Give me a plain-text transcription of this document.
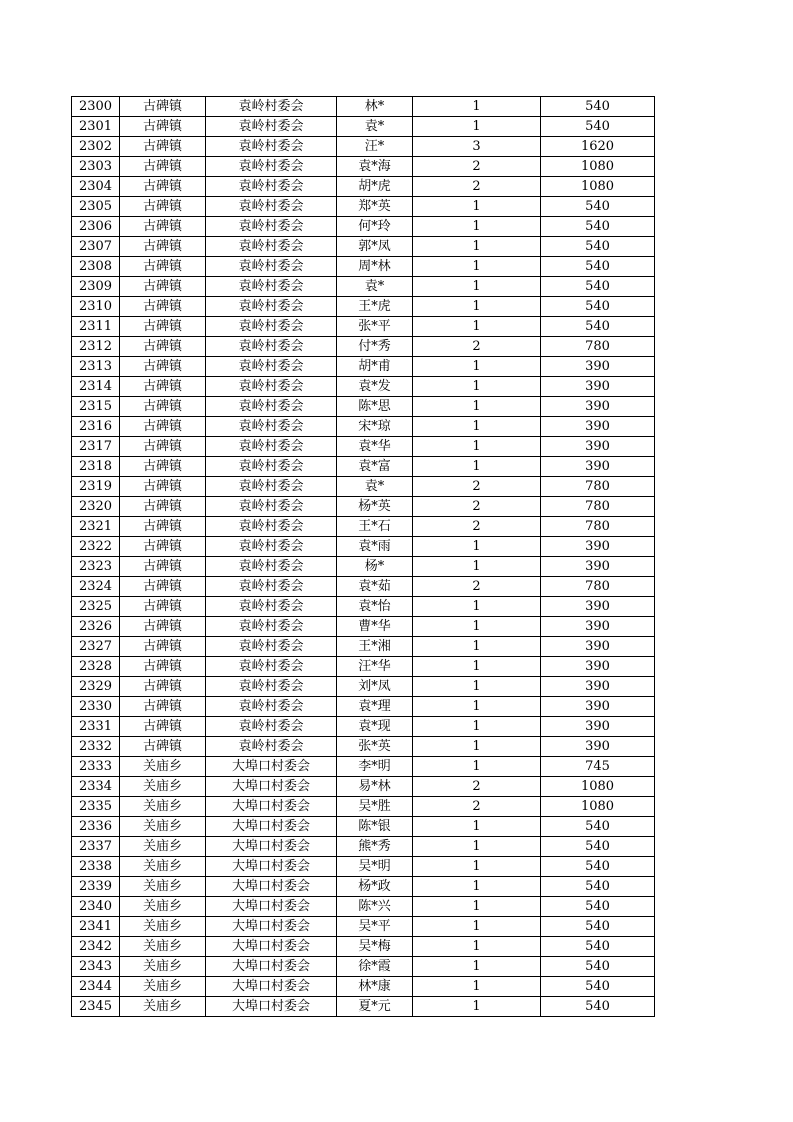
2300	古碑镇	袁岭村委会	林*	1	540
2301	古碑镇	袁岭村委会	袁*	1	540
2302	古碑镇	袁岭村委会	汪*	3	1620
2303	古碑镇	袁岭村委会	袁*海	2	1080
2304	古碑镇	袁岭村委会	胡*虎	2	1080
2305	古碑镇	袁岭村委会	郑*英	1	540
2306	古碑镇	袁岭村委会	何*玲	1	540
2307	古碑镇	袁岭村委会	郭*凤	1	540
2308	古碑镇	袁岭村委会	周*林	1	540
2309	古碑镇	袁岭村委会	袁*	1	540
2310	古碑镇	袁岭村委会	王*虎	1	540
2311	古碑镇	袁岭村委会	张*平	1	540
2312	古碑镇	袁岭村委会	付*秀	2	780
2313	古碑镇	袁岭村委会	胡*甫	1	390
2314	古碑镇	袁岭村委会	袁*发	1	390
2315	古碑镇	袁岭村委会	陈*思	1	390
2316	古碑镇	袁岭村委会	宋*琼	1	390
2317	古碑镇	袁岭村委会	袁*华	1	390
2318	古碑镇	袁岭村委会	袁*富	1	390
2319	古碑镇	袁岭村委会	袁*	2	780
2320	古碑镇	袁岭村委会	杨*英	2	780
2321	古碑镇	袁岭村委会	王*石	2	780
2322	古碑镇	袁岭村委会	袁*雨	1	390
2323	古碑镇	袁岭村委会	杨*	1	390
2324	古碑镇	袁岭村委会	袁*茹	2	780
2325	古碑镇	袁岭村委会	袁*怡	1	390
2326	古碑镇	袁岭村委会	曹*华	1	390
2327	古碑镇	袁岭村委会	王*湘	1	390
2328	古碑镇	袁岭村委会	汪*华	1	390
2329	古碑镇	袁岭村委会	刘*凤	1	390
2330	古碑镇	袁岭村委会	袁*理	1	390
2331	古碑镇	袁岭村委会	袁*现	1	390
2332	古碑镇	袁岭村委会	张*英	1	390
2333	关庙乡	大埠口村委会	李*明	1	745
2334	关庙乡	大埠口村委会	易*林	2	1080
2335	关庙乡	大埠口村委会	吴*胜	2	1080
2336	关庙乡	大埠口村委会	陈*银	1	540
2337	关庙乡	大埠口村委会	熊*秀	1	540
2338	关庙乡	大埠口村委会	吴*明	1	540
2339	关庙乡	大埠口村委会	杨*政	1	540
2340	关庙乡	大埠口村委会	陈*兴	1	540
2341	关庙乡	大埠口村委会	吴*平	1	540
2342	关庙乡	大埠口村委会	吴*梅	1	540
2343	关庙乡	大埠口村委会	徐*霞	1	540
2344	关庙乡	大埠口村委会	林*康	1	540
2345	关庙乡	大埠口村委会	夏*元	1	540
